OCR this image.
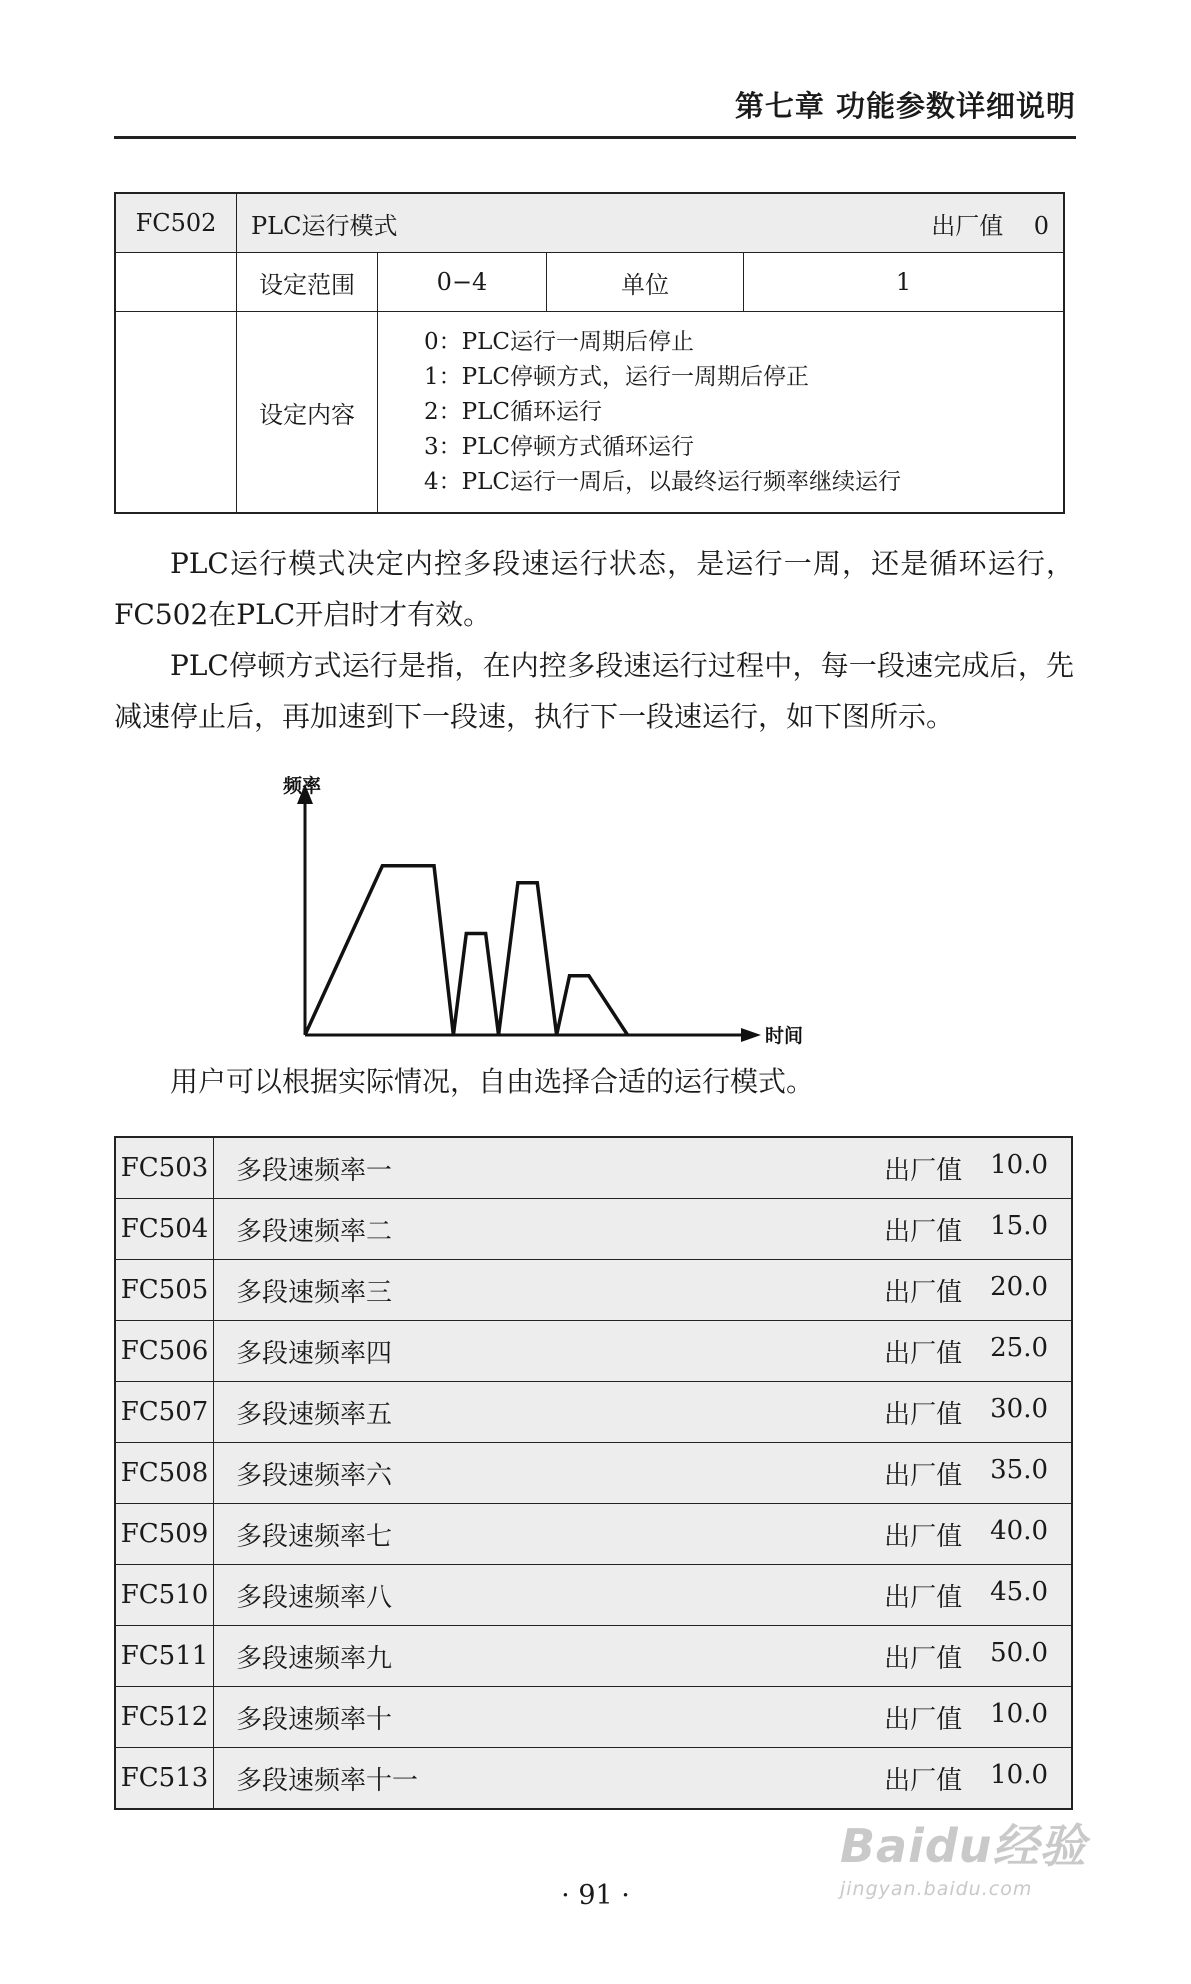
第七章 功能参数详细说明
FC502	PLC运行模式 出厂值 0			

	设定范围	0−4	单位	1
	设定内容	0：PLC运行一周期后停止
1：PLC停顿方式，运行一周期后停正
2：PLC循环运行
3：PLC停顿方式循环运行
4：PLC运行一周后，以最终运行频率继续运行		

PLC运行模式决定内控多段速运行状态，是运行一周，还是循环运行，FC502在PLC开启时才有效。

PLC停顿方式运行是指，在内控多段速运行过程中，每一段速完成后，先减速停止后，再加速到下一段速，执行下一段速运行，如下图所示。

频率
时间

用户可以根据实际情况，自由选择合适的运行模式。

FC503	多段速频率一 出厂值 10.0

FC504	多段速频率二 出厂值 15.0

FC505	多段速频率三 出厂值 20.0

FC506	多段速频率四 出厂值 25.0

FC507	多段速频率五 出厂值 30.0

FC508	多段速频率六 出厂值 35.0

FC509	多段速频率七 出厂值 40.0

FC510	多段速频率八 出厂值 45.0

FC511	多段速频率九 出厂值 50.0

FC512	多段速频率十 出厂值 10.0

FC513	多段速频率十一 出厂值 10.0
· 91 ·
Baidu经验
jingyan.baidu.com
